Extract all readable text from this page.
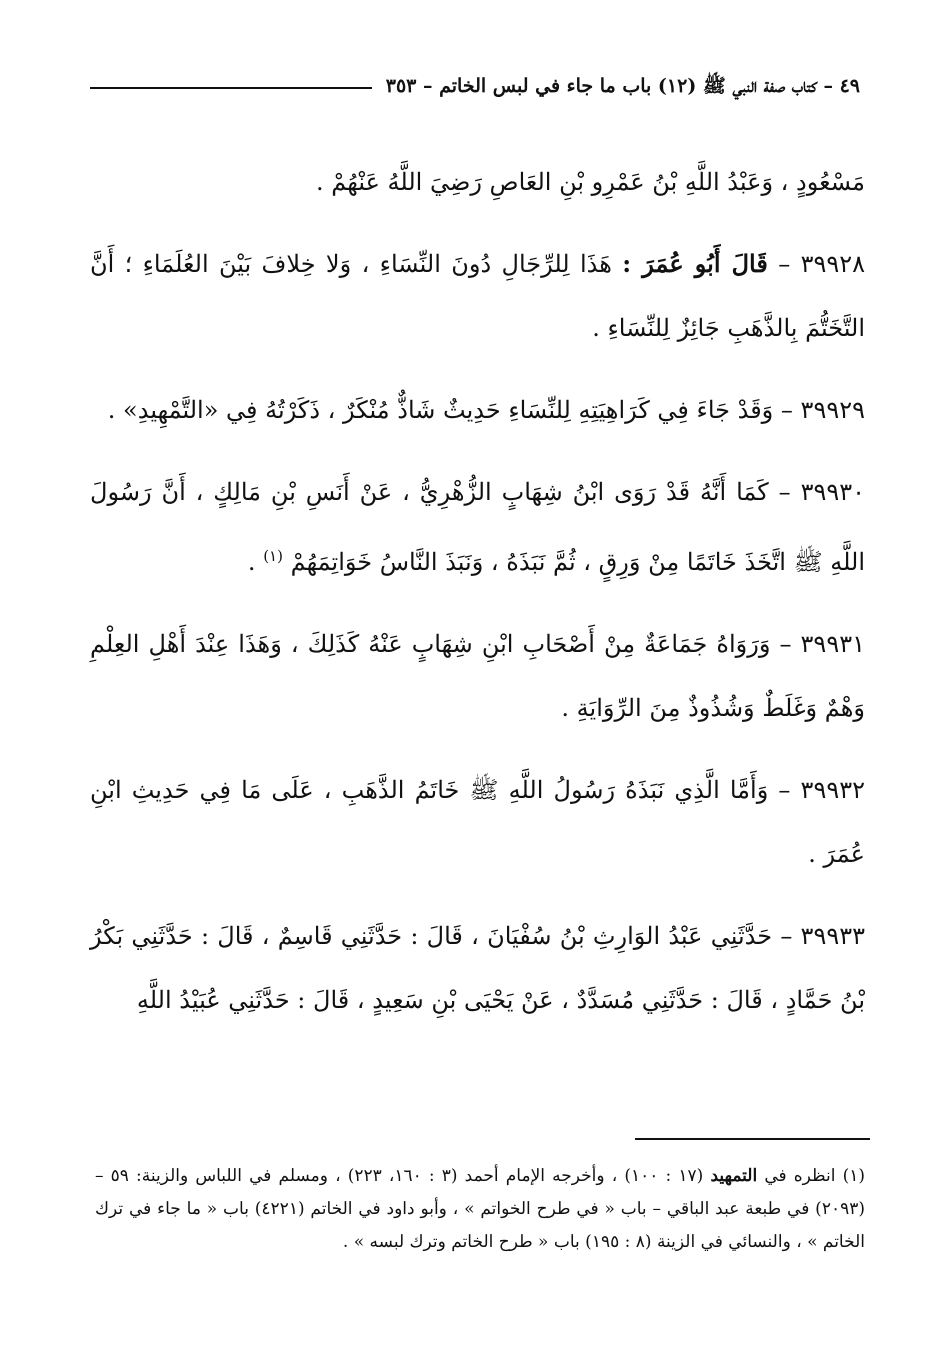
٤٩ – كتاب صفة النبي ﷺ (١٢) باب ما جاء في لبس الخاتم – ٣٥٣

مَسْعُودٍ ، وَعَبْدُ اللَّهِ بْنُ عَمْرِو بْنِ العَاصِ رَضِيَ اللَّهُ عَنْهُمْ .

٣٩٩٢٨ – قَالَ أَبُو عُمَرَ : هَذَا لِلرِّجَالِ دُونَ النِّسَاءِ ، وَلا خِلافَ بَيْنَ العُلَمَاءِ ؛ أَنَّ التَّخَتُّمَ بِالذَّهَبِ جَائِزٌ لِلنِّسَاءِ .

٣٩٩٢٩ – وَقَدْ جَاءَ فِي كَرَاهِيَتِهِ لِلنِّسَاءِ حَدِيثٌ شَاذٌّ مُنْكَرٌ ، ذَكَرْتُهُ فِي «التَّمْهِيدِ» .

٣٩٩٣٠ – كَمَا أَنَّهُ قَدْ رَوَى ابْنُ شِهَابٍ الزُّهْرِيُّ ، عَنْ أَنَسِ بْنِ مَالِكٍ ، أَنَّ رَسُولَ اللَّهِ ﷺ اتَّخَذَ خَاتَمًا مِنْ وَرِقٍ ، ثُمَّ نَبَذَهُ ، وَنَبَذَ النَّاسُ خَوَاتِمَهُمْ $^{(١)}$ .

٣٩٩٣١ – وَرَوَاهُ جَمَاعَةٌ مِنْ أَصْحَابِ ابْنِ شِهَابٍ عَنْهُ كَذَلِكَ ، وَهَذَا عِنْدَ أَهْلِ العِلْمِ وَهْمٌ وَغَلَطٌ وَشُذُوذٌ مِنَ الرِّوَايَةِ .

٣٩٩٣٢ – وَأَمَّا الَّذِي نَبَذَهُ رَسُولُ اللَّهِ ﷺ خَاتَمُ الذَّهَبِ ، عَلَى مَا فِي حَدِيثِ ابْنِ عُمَرَ .

٣٩٩٣٣ – حَدَّثَنِي عَبْدُ الوَارِثِ بْنُ سُفْيَانَ ، قَالَ : حَدَّثَنِي قَاسِمٌ ، قَالَ : حَدَّثَنِي بَكْرُ بْنُ حَمَّادٍ ، قَالَ : حَدَّثَنِي مُسَدَّدٌ ، عَنْ يَحْيَى بْنِ سَعِيدٍ ، قَالَ : حَدَّثَنِي عُبَيْدُ اللَّهِ

(١) انظره في التمهيد (١٧ : ١٠٠) ، وأخرجه الإمام أحمد (٣ : ١٦٠، ٢٢٣) ، ومسلم في اللباس والزينة: ٥٩ – (٢٠٩٣) في طبعة عبد الباقي – باب « في طرح الخواتم » ، وأبو داود في الخاتم (٤٢٢١) باب « ما جاء في ترك الخاتم » ، والنسائي في الزينة (٨ : ١٩٥) باب « طرح الخاتم وترك لبسه » .
